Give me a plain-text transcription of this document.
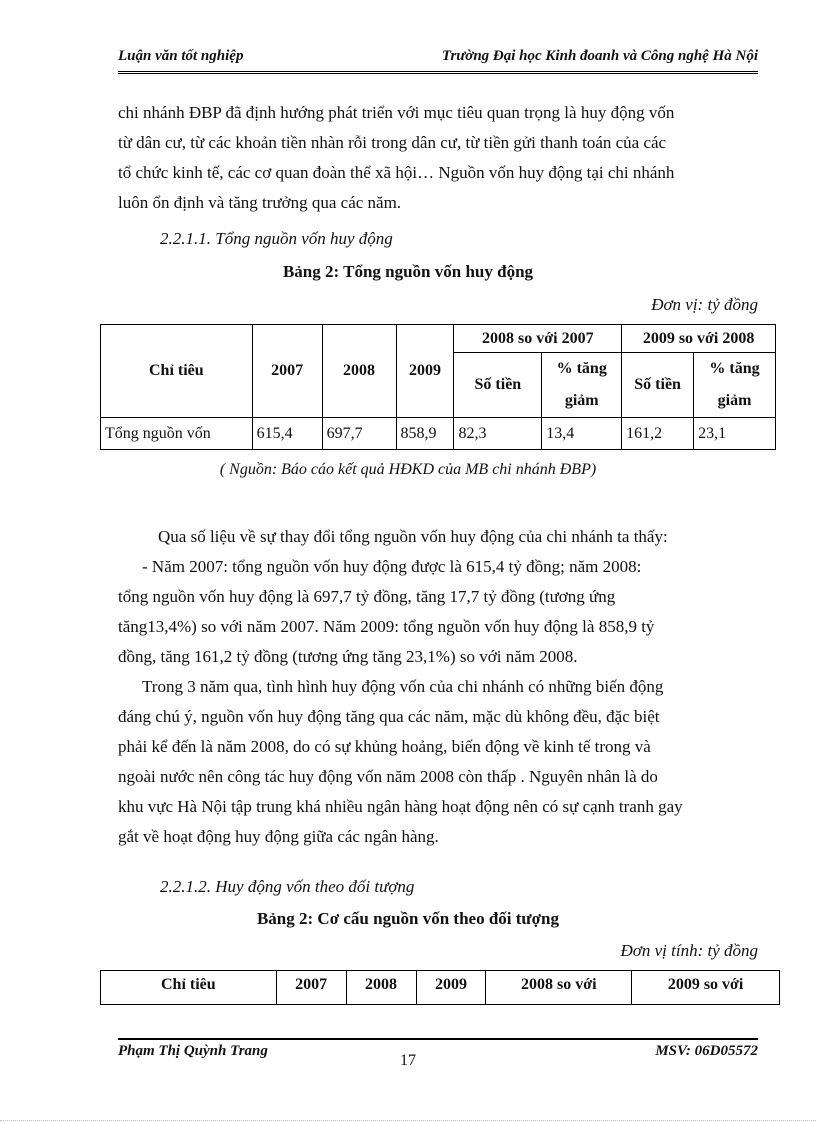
Luận văn tốt nghiệp	Trường Đại học Kinh đoanh và Công nghệ Hà Nội
chi nhánh ĐBP đã định hướng phát triển với mục tiêu quan trọng là huy động vốn
từ dân cư, từ các khoản tiền nhàn rỗi trong dân cư, từ tiền gửi thanh toán của các
tổ chức kinh tế, các cơ quan đoàn thể xã hội… Nguồn vốn huy động tại chi nhánh
luôn ổn định và tăng trưởng qua các năm.
2.2.1.1. Tổng nguồn vốn huy động
Bảng 2: Tổng nguồn vốn huy động
Đơn vị: tỷ đồng
Chỉ tiêu	2007	2008	2009	2008 so với 2007		2009 so với 2008	
				Số tiền	% tăng giảm	Số tiền	% tăng giảm
Tổng nguồn vốn	615,4	697,7	858,9	82,3	13,4	161,2	23,1
( Nguồn: Báo cáo kết quả HĐKD của MB chi nhánh ĐBP)
Qua số liệu về sự thay đổi tổng nguồn vốn huy động của chi nhánh ta thấy:
- Năm 2007: tổng nguồn vốn huy động được là 615,4 tỷ đồng; năm 2008:
tổng nguồn vốn huy động là 697,7 tỷ đồng, tăng 17,7 tỷ đồng (tương ứng
tăng13,4%) so với năm 2007. Năm 2009: tổng nguồn vốn huy động là 858,9 tỷ
đồng, tăng 161,2 tỷ đồng (tương ứng tăng 23,1%) so với năm 2008.
Trong 3 năm qua, tình hình huy động vốn của chi nhánh có những biến động
đáng chú ý, nguồn vốn huy động tăng qua các năm, mặc dù không đều, đặc biệt
phải kể đến là năm 2008, do có sự khủng hoảng, biến động về kinh tế trong và
ngoài nước nên công tác huy động vốn năm 2008 còn thấp . Nguyên nhân là do
khu vực Hà Nội tập trung khá nhiều ngân hàng hoạt động nên có sự cạnh tranh gay
gắt về hoạt động huy động giữa các ngân hàng.
2.2.1.2. Huy động vốn theo đối tượng
Bảng 2: Cơ cấu nguồn vốn theo đối tượng
Đơn vị tính: tỷ đồng
Chỉ tiêu	2007	2008	2009	2008 so với	2009 so với
Phạm Thị Quỳnh Trang	MSV: 06D05572
17
